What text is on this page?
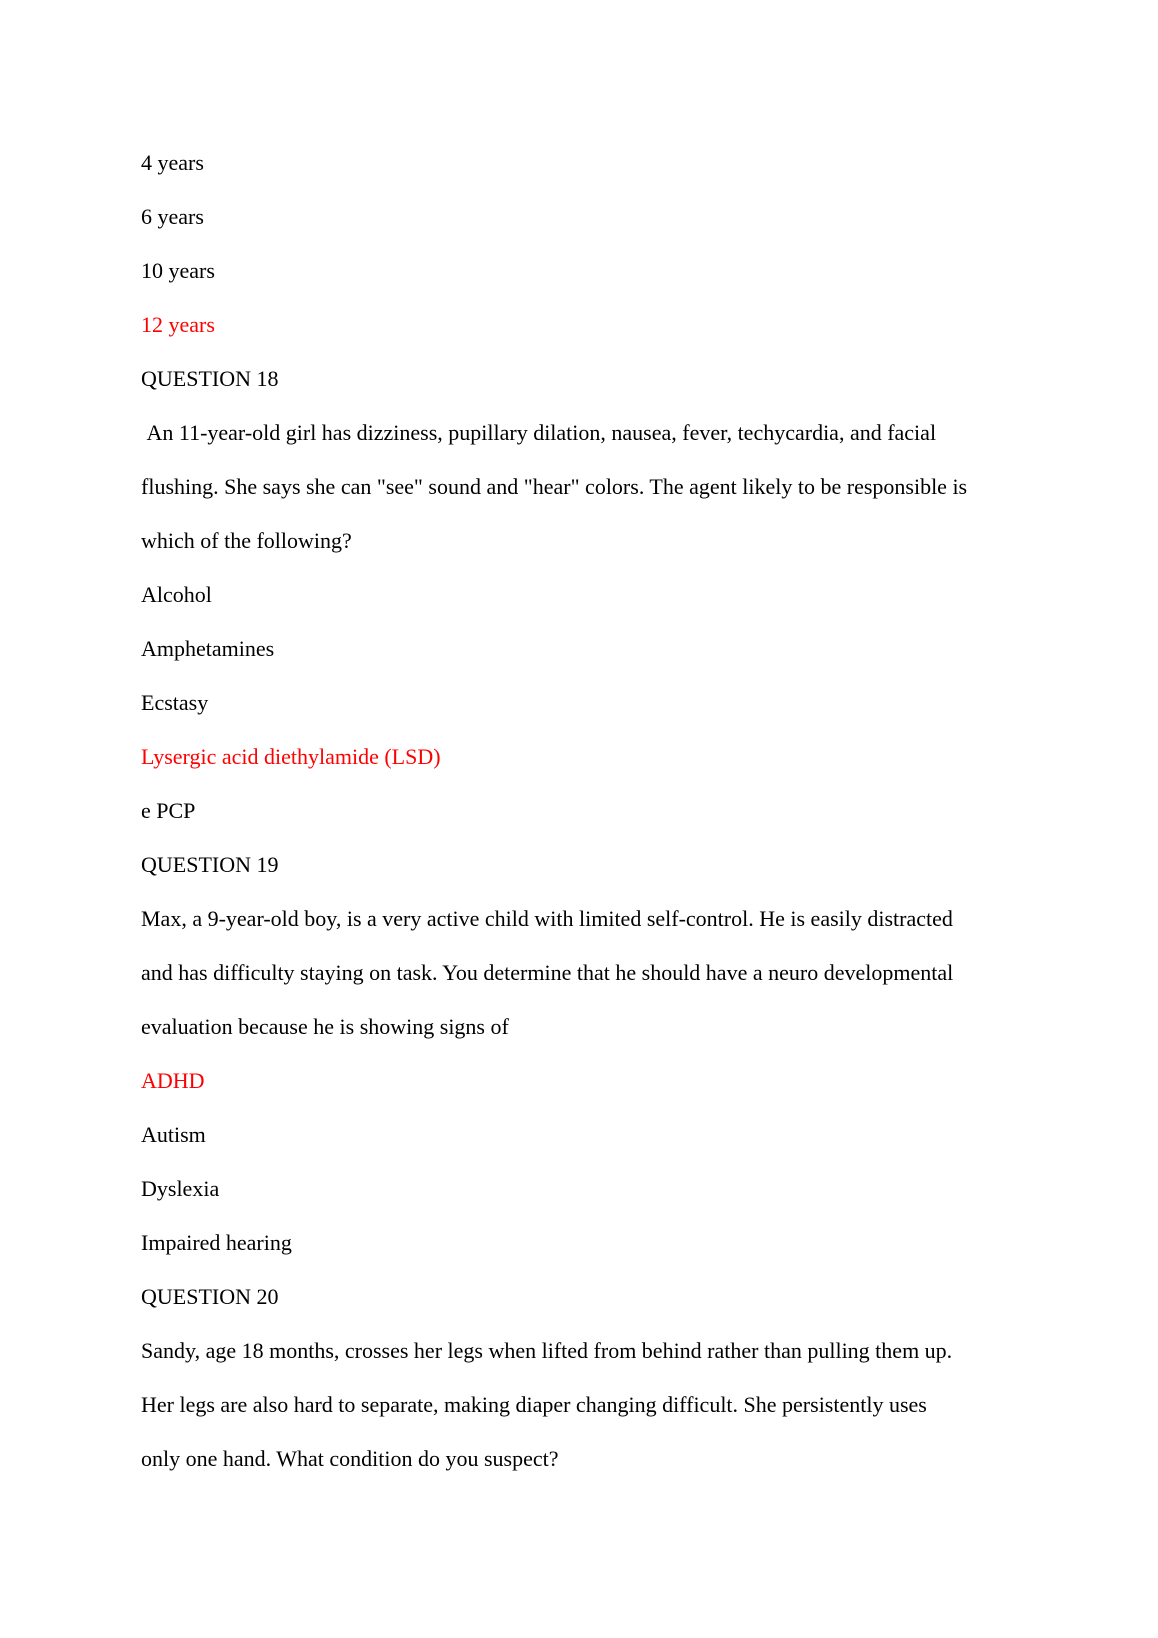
4 years

6 years

10 years

12 years

QUESTION 18

An 11-year-old girl has dizziness, pupillary dilation, nausea, fever, techycardia, and facial

flushing. She says she can "see" sound and "hear" colors. The agent likely to be responsible is

which of the following?

Alcohol

Amphetamines

Ecstasy

Lysergic acid diethylamide (LSD)

e PCP

QUESTION 19

Max, a 9-year-old boy, is a very active child with limited self-control. He is easily distracted

and has difficulty staying on task. You determine that he should have a neuro developmental

evaluation because he is showing signs of

ADHD

Autism

Dyslexia

Impaired hearing

QUESTION 20

Sandy, age 18 months, crosses her legs when lifted from behind rather than pulling them up.

Her legs are also hard to separate, making diaper changing difficult. She persistently uses

only one hand. What condition do you suspect?
